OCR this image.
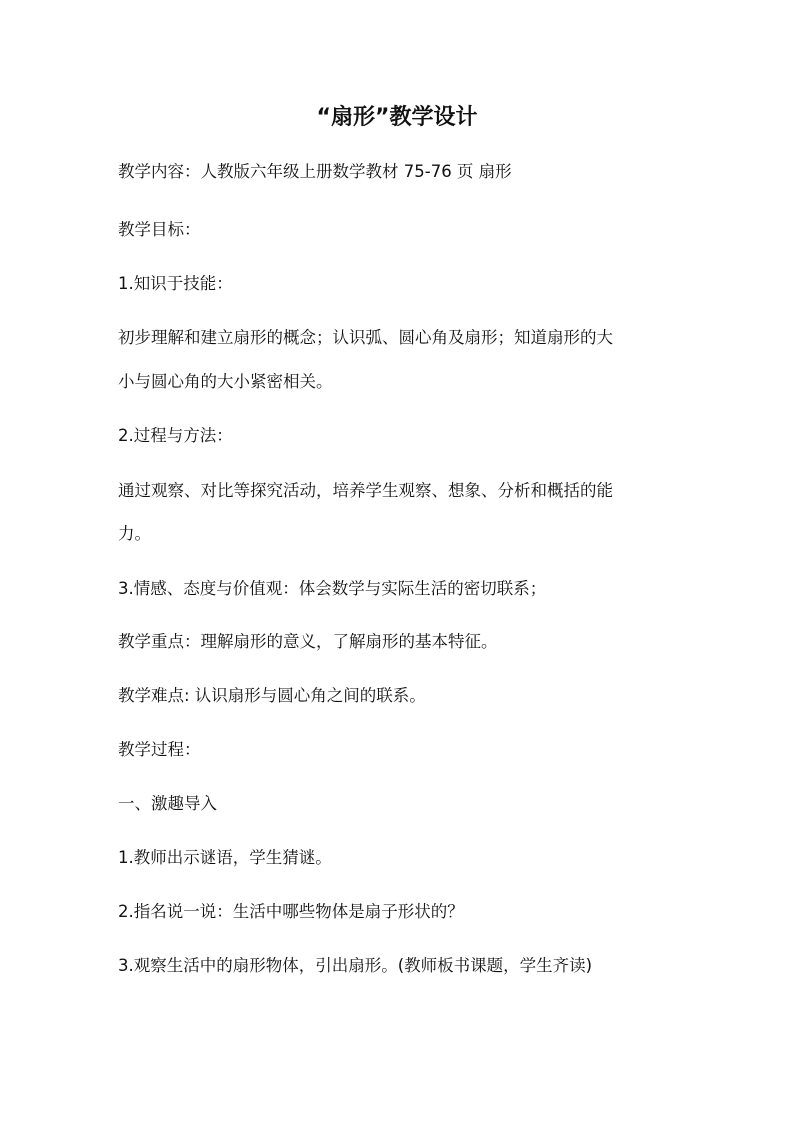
“扇形”教学设计

教学内容：人教版六年级上册数学教材 75-76 页 扇形

教学目标：

1.知识于技能：

初步理解和建立扇形的概念；认识弧、圆心角及扇形；知道扇形的大

小与圆心角的大小紧密相关。

2.过程与方法：

通过观察、对比等探究活动，培养学生观察、想象、分析和概括的能

力。

3.情感、态度与价值观：体会数学与实际生活的密切联系；

教学重点：理解扇形的意义，了解扇形的基本特征。

教学难点: 认识扇形与圆心角之间的联系。

教学过程：

一、激趣导入

1.教师出示谜语，学生猜谜。

2.指名说一说：生活中哪些物体是扇子形状的？

3.观察生活中的扇形物体，引出扇形。(教师板书课题，学生齐读)
